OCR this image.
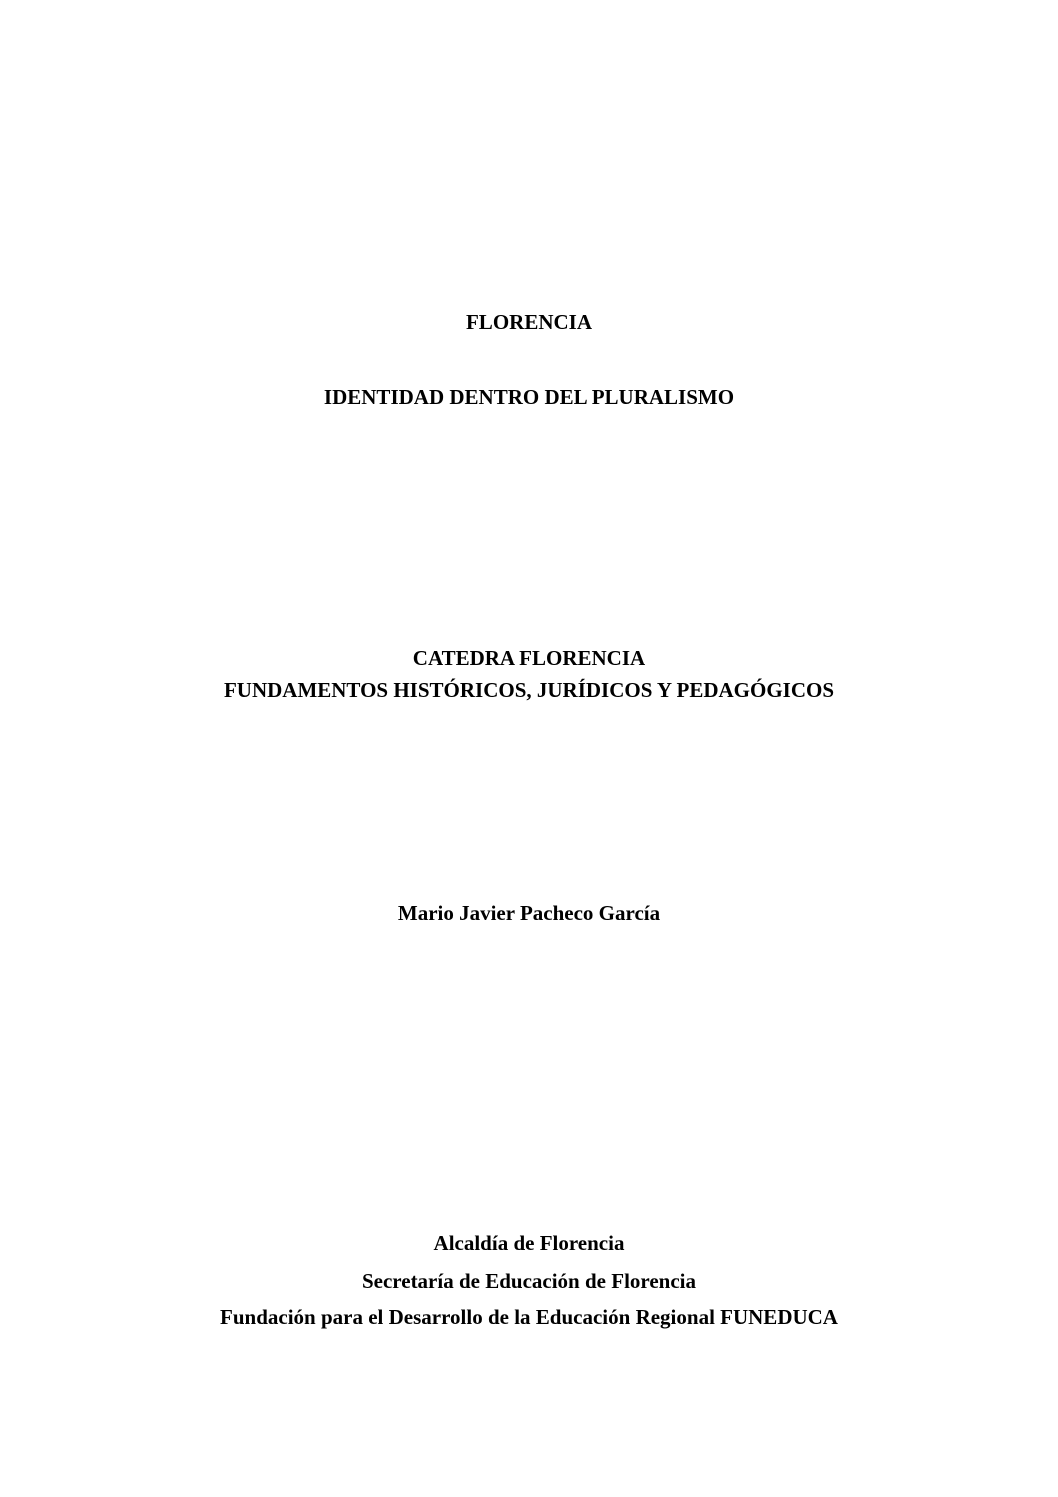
FLORENCIA
IDENTIDAD DENTRO DEL PLURALISMO
CATEDRA FLORENCIA
FUNDAMENTOS HISTÓRICOS, JURÍDICOS Y PEDAGÓGICOS
Mario Javier Pacheco García
Alcaldía de Florencia
Secretaría de Educación de Florencia
Fundación para el Desarrollo de la Educación Regional FUNEDUCA
